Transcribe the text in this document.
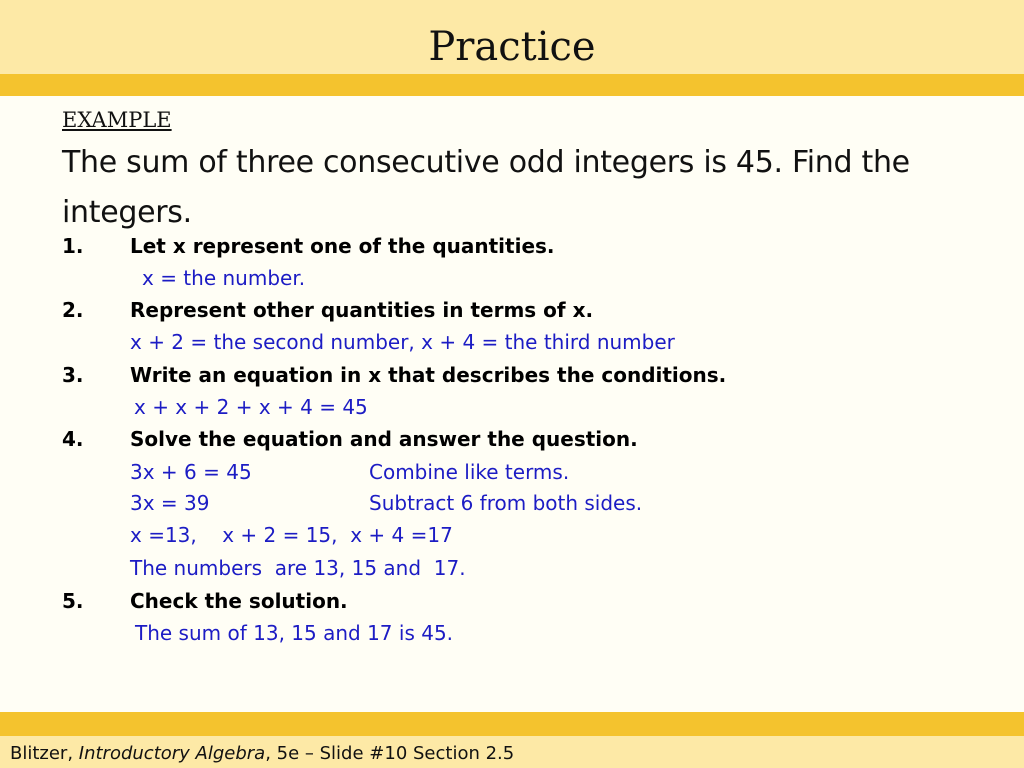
Practice
EXAMPLE
The sum of three consecutive odd integers is 45. Find the integers.
1. Let x represent one of the quantities.
x = the number.
2. Represent other quantities in terms of x.
x + 2 = the second number, x + 4 = the third number
3. Write an equation in x that describes the conditions.
x + x + 2 + x + 4 = 45
4. Solve the equation and answer the question.
3x + 6 = 45	Combine like terms.
3x = 39	Subtract 6 from both sides.
x =13,    x + 2 = 15,  x + 4 =17
The numbers  are 13, 15 and  17.
5. Check the solution.
The sum of 13, 15 and 17 is 45.
Blitzer, Introductory Algebra, 5e – Slide #10 Section 2.5
